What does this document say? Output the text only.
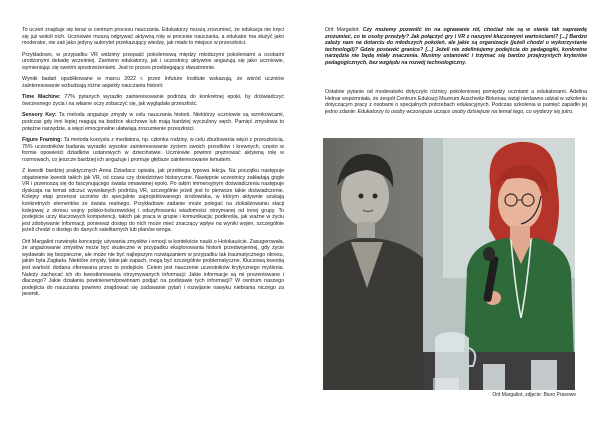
To uczeń znajduje się teraz w centrum procesu nauczania. Edukatorzy muszą zrozumieć, że edukacja nie kręci się już wokół nich. Uczniowie muszą odgrywać aktywną rolę w procesie nauczania, a edukator ma służyć jako moderator, nie zaś jako jedyny autorytet przekazujący wiedzę, jak miało to miejsce w przeszłości.

Przykładowo, w przypadku VR widzimy przepaść pokoleniową między młodszymi pokoleniami a osobami urodzonymi dekadę wcześniej. Zarówno edukatorzy, jak i uczestnicy aktywnie angażują się jako uczniowie, wymieniając się swoimi spostrzeżeniami. Jest to proces przebiegający dwustronnie.

Wyniki badań opublikowane w marcu 2022 r. przez Infuture Institute wskazują, że wśród uczniów zainteresowanie wzbudzają różne aspekty nauczania historii:

Time Machine: 77% pytanych wyraziło zainteresowanie podróżą do konkretnej epoki, by doświadczyć ówczesnego życia i na własne oczy zobaczyć się, jak wyglądała przeszłość.

Sensory Key: Ta metoda angażuje zmysły w celu nauczania historii. Niektórzy uczniowie są wzrokowcami, podczas gdy inni lepiej reagują na bodźce słuchowe lub mają bardziej wyczulony węch. Pamięć zmysłowa to potężne narzędzie, a więzi emocjonalne ułatwiają zrozumienie przeszłości.

Figure Framing: Ta metoda korzysta z mediatora, np. członka rodziny, w celu zbudowania więzi z przeszłością. 75% uczestników badania wyraziło wysokie zainteresowanie życiem swoich przodków i krewnych, często w formie opowieści dziadków ustanowych w dzieciństwie. Uczniowie powinni prężnować aktywną rolę w rozmowach, co jeszcze bardziej ich angażuje i promuje głębsze zainteresowanie tematem.

Z kwestii bardziej praktycznych Anna Dziadacz opisała, jak przebiega typowa lekcja. Na początku następuje objaśnienie kwestii takich jak VR, oś czasu czy dziedzictwo historyczne. Następnie uczestnicy zakładają gogle VR i przenoszą się do fascynującego świata omawianej epoki. Po takim immersyjnym doświadczeniu następuje dyskusja na temat odczuć wywołanych podróżą VR, szczególnie jeżeli jest to pierwsze takie doświadczenie. Kolejny etap przenosi uczniów do specjalnie zaprojektowanego środowiska, w którym aktywnie szukają konkretnych elementów ze świata realnego. Przykładowe zadanie może polegać na zlokalizowaniu stacji kolejowej z okresu wojny polsko-bolszewickiej i odszyfrowaniu wiadomości otrzymanej od innej grupy. To podejście uczy kluczowych kompetencji, takich jak praca w grupie i komunikacja; podkreśla, jak ważne w życiu jest zdobywanie informacji, ponieważ dostęp do nich może mieć znaczący wpływ na wyniki wojen, szczególnie jeżeli chodzi o dostęp do danych satelitarnych lub planów wroga.

Orit Margaliot rozwinęła koncepcję używania zmysłów i emocji w kontekście nauki o Holokauście. Zasugerowała, że angażowanie zmysłów może być skuteczne w przypadku eksplorowania historii przedwojennej, gdy życie wydawało się bezpieczne, ale może nie być najlepszym rozwiązaniem w przypadku tak traumatycznego okresu, jakim była Zagłada. Niektóre zmysły, takie jak zapach, mogą być szczególnie problematyczne. Kluczową kwestią jest wartość dodana oferowana przez to podejście. Celem jest nauczenie uczestników krytycznego myślenia. Należy zachęcać ich do kwestionowania otrzymywanych informacji: Jakie informacje są mi prezentowane i dlaczego? Jakie działania powinienem/powinnam podjąć na podstawie tych informacji? W centrum naszego podejścia do nauczania powinno znajdować się zadawanie pytań i rozwijanie nawyku niebrania niczego za pewnik.

Orit Margaliot: Czy możemy pozwolić im na ograwanie ról, choćiaż nie są w stanie tak naprawdę zrozumieć, co te osoby przeżyły? Jak połączyć gry i VR z naszymi kluczowymi wartościami? [...] Bardzo zależy nam na dotarciu do młodszych pokoleń, ale jakie są organizacje (jeżeli chodzi o wykorzystanie technologii)? Gdzie postawić granice? [...] Jeżeli nie zdefiniujemy podejścia do pedagogiki, konkretne narzędzia nie będą miały znaczenia. Musimy ustanowić i trzymać się bardzo przejrzystych kryteriów pedagogicznych, bez względu na rozwój technologiczny.

Ostatnie pytanie od moderatorki dotyczyło różnicy pokoleniowej pomiędzy uczniami a edukatorami. Adelina Hetnar wspomniała, że zespół Centrum Edukacji Muzeum Auschwitz-Birkenau wziął niedawno udział w szkoleniu dotyczącym pracy z osobami o specjalnych potrzebach edukacyjnych. Podczas szkolenia w pamięć zapadło jej jedno zdanie: Edukatorzy to osoby wczorajsze uczące osoby dzisiejsze na temat tego, co wydarzy się jutro.

Orit Margaliot, zdjęcie: Biuro Prasowe
